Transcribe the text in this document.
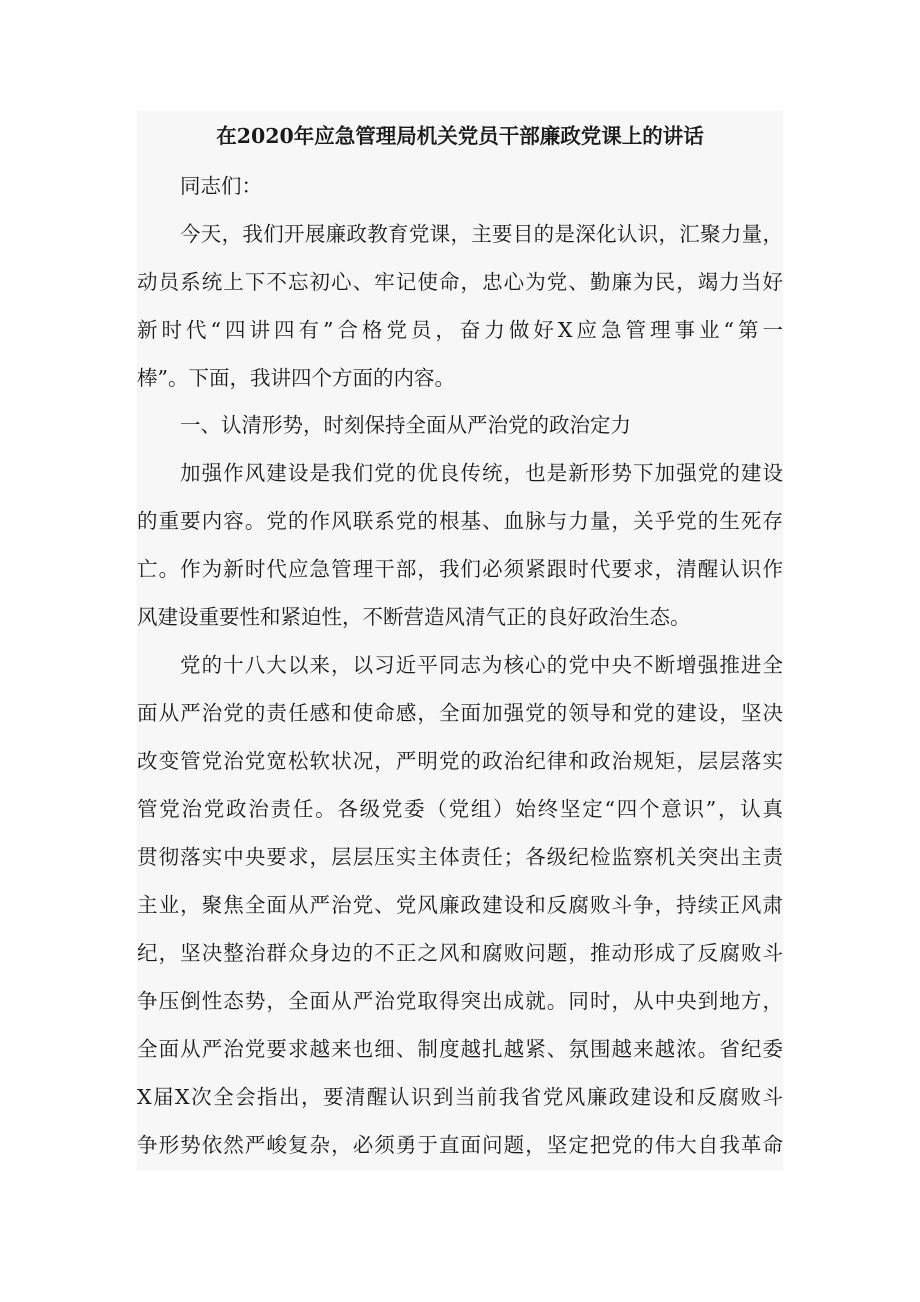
在2020年应急管理局机关党员干部廉政党课上的讲话
同志们：
今天，我们开展廉政教育党课，主要目的是深化认识，汇聚力量，
动员系统上下不忘初心、牢记使命，忠心为党、勤廉为民，竭力当好
新时代“四讲四有”合格党员，奋力做好X应急管理事业“第一
棒”。下面，我讲四个方面的内容。
一、认清形势，时刻保持全面从严治党的政治定力
加强作风建设是我们党的优良传统，也是新形势下加强党的建设
的重要内容。党的作风联系党的根基、血脉与力量，关乎党的生死存
亡。作为新时代应急管理干部，我们必须紧跟时代要求，清醒认识作
风建设重要性和紧迫性，不断营造风清气正的良好政治生态。
党的十八大以来，以习近平同志为核心的党中央不断增强推进全
面从严治党的责任感和使命感，全面加强党的领导和党的建设，坚决
改变管党治党宽松软状况，严明党的政治纪律和政治规矩，层层落实
管党治党政治责任。各级党委（党组）始终坚定“四个意识”，认真
贯彻落实中央要求，层层压实主体责任；各级纪检监察机关突出主责
主业，聚焦全面从严治党、党风廉政建设和反腐败斗争，持续正风肃
纪，坚决整治群众身边的不正之风和腐败问题，推动形成了反腐败斗
争压倒性态势，全面从严治党取得突出成就。同时，从中央到地方，
全面从严治党要求越来也细、制度越扎越紧、氛围越来越浓。省纪委
X届X次全会指出，要清醒认识到当前我省党风廉政建设和反腐败斗
争形势依然严峻复杂，必须勇于直面问题，坚定把党的伟大自我革命
